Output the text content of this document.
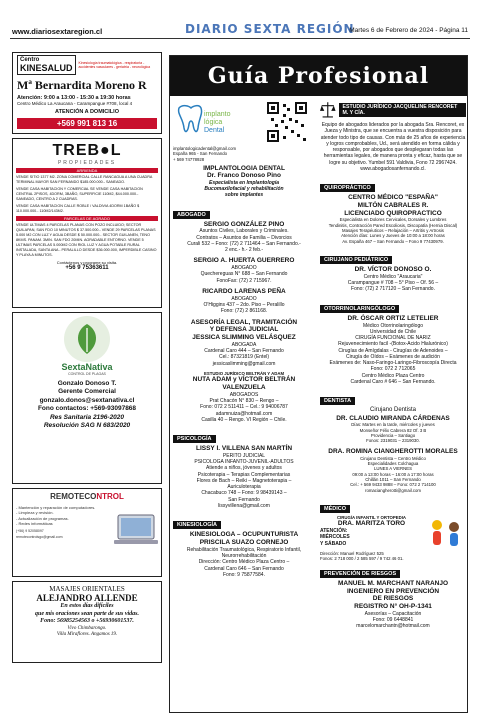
www.diariosextaregion.cl	DIARIO SEXTA REGIÓN
Martes 6 de Febrero de 2024 - Página 11
Centro
KINESALUD	Kinesiología traumatológica - respiratoria - accidentes vasculares - geriatría - neurológica
Mª Bernardita Moreno R
Atención: 9:00 a 13:00 - 15:30 a 19:30 horas
Centro Médico La Araucana - Carampangue #708, local 4
ATENCIÓN A DOMICILIO
+569 991 813 16
TREB●L
PROPIEDADES
ARRIENDA
VENDE SITIO 1377 M2. ZONA COMERCIAL CALLE RANCAGUA A UNA CUADRA TERMINAL MAYOR SAN FERNANDO $185.000.000.- SANEADO.
VENDE CASA HABITACION Y COMERCIAL SE VENDE CASA HABITACION CENTRAL 2PISOS, 4DORM, 3BAÑO, SUPERFICIE 110M2, $44.000.000.- SANEADO, CENTRO A 2 CUADRAS.
VENDE CASA HABITACION CALLE ROBLE / VALDIVIA 4DORM 1BAÑO $ 110.000.000.- 110M2/143M2.
PARCELAS DE AGRADO
VENDE ULTIMAS 4 PARCELAS PLANAS CON POZO INCLUIDO; SECTOR QUILAPAN, SAN FDO 10 MINUTOS $ 37.500.000.- VENDE 29 PARCELAS PLANAS 5.000 M2 CON LUZ Y AGUA DESDE $ 50.000.000.- SECTOR GUILANEN, TENO 8KMS. PANAM. 3MIN. SAN FDO 20MIN. AGRADABLE ENTORNO. VENDE 5 ULTIMAS PARCELAS 5.000M2 CON RIOL LUZ Y AGUA POTABLE RURAL INSTALADA, SANTA ANA - PERALILLO DESDE $36.000.000, IMPERDIBLE CASINO Y PLAYA A MINUTOS.
Contáctenos y programe su visita.
+56 9 75363611
SextaNativa
CONTROL DE PLAGAS
Gonzalo Donoso T.
Gerente Comercial
gonzalo.donos@sextanativa.cl
Fono contactos: +569-93097868
Res Sanitaria 2196-2020
Resolución SAG N 683/2020
REMOTECONTROL
- Mantención y reparación de computadores.
- Limpieza y revisión.
- Actualización de programas.
- Redes informáticas
(+56) 9 52058097
remotecontrolsgo@gmail.com
MASAJES ORIENTALES
ALEJANDRO ALLENDE
En estos días difíciles
que mis oraciones sean parte de sus vidas.
Fono: 56985254563 o +56930601537.
Vivo Chimbarongo.
Villa Miraflores. Angamos 19.
Guía Profesional
implanto
lógica
Dental
implantologicadental@gmail.com
España 965 - San Fernando
+ 569 74778928
IMPLANTOLOGIA DENTAL
Dr. Franco Donoso Pino
Especialista en Implantología
Bucomaxilofacial y rehabilitación
sobre implantes
ABOGADO
SERGIO GONZÁLEZ PINO
Asuntos Civiles, Laborales y Criminales.
Contratos – Asuntos de Familia – Divorcios
Curali 532 – Fono: (72) 2 711464 – San Fernando.-
2 enc.- h.- 2 feb.-
SERGIO A. HUERTA GUERRERO
ABOGADO
Quechereguas N° 688 – San Fernando
FonoFax: (72) 2 715967.
RICARDO LARENAS PEÑA
ABOGADO
O'Higgins 437 – 2do. Piso – Peralillo
Fono: (72) 2 861168.
ASESORÍA LEGAL, TRAMITACIÓN
Y DEFENSA JUDICIAL
JESSICA SLIMMING VELÁSQUEZ
ABOGADA
Cardenal Caro 444 – San Fernando
Cel.: 87321819 (Entel)
jessicaslimming@gmail.com
ESTUDIO JURÍDICO BELTRÁN Y ADAM
NUTA ADAM y VÍCTOR BELTRÁN
VALENZUELA
ABOGADOS
Prat Chacón N° 830 – Rengo –
Fono: 072 2 511411 – Cel.: 9 94006787
adamnuiza@hotmail.com
Casilla 40 – Rengo. VI Región – Chile.
PSICOLOGÍA
LISSY I. VILLENA SAN MARTÍN
PERITO JUDICIAL
PSICOLOGA INFANTO-JUVENIL-ADULTOS
Atiende a niños, jóvenes y adultos
Psicoterapia – Terapias Complementarias
Flores de Bach – Reiki – Magnetoterapia –
Auriculoterapia
Chacabuco 748 – Fono: 9 98439143 –
San Fernando
lissyvillena@gmail.com
KINESIOLOGÍA
KINESIOLOGA – OCUPUNTURISTA
PRISCILA SUAZO CORNEJO
Rehabilitación Traumatológica, Respiratorio Infantil,
Neurorrehabilitación
Dirección: Centro Médico Plaza Centro –
Cardenal Caro 646 – San Fernando
Fono: 9 75877584.
ESTUDIO JURÍDICO JACQUELINE RENCORET M. Y CÍA.
Equipo de abogados liderados por la abogada Sra. Rencoret, ex Jueza y Ministra, que se encuentra a vuestra disposición para atender todo tipo de causas. Con más de 25 años de experiencia y logros comprobables, Ud., será atendido en forma cálida y responsable, por abogados que desplegaran todas las herramientas legales, de manera pronta y eficaz, hasta que se logre su objetivo. Yumbel 591 Valdivia, Fono 72 2967424.
www.abogadosanfernando.cl.
QUIROPRÁCTICO
CENTRO MÉDICO "ESPAÑA"
MILTÓN CABRALES R.
LICENCIADO QUIROPRACTICO
Especialista en Dolores Cervicales, Dorsales y Lumbres
Tendinitis, Contracción Pared Escoliosis, Discopatía (Hernia Discal)
Masajes Terapéuticos – Relajación – Artritis y Artrosis
Atención días: Lunes y Jueves de 10:00 a 18:00 horas
Av. España 467 – San Fernando – Fono 9 77430979.
CIRUJANO PEDIÁTRICO
DR. VÍCTOR DONOSO O.
Centro Médico "Araucaria"
Carampangue # 708 – 5° Piso – Of. 56 –
Fono: (72) 2 717120 – San Fernando.
OTORRINOLARINGÓLOGO
DR. ÓSCAR ORTIZ LETELIER
Médico Otorrinolaringólogo
Universidad de Chile
CIRUGÍA FUNCIONAL DE NARIZ
Rejuvenecimiento facil -(Botox-Acido Hialurónico)
Cirugías de Amígdalas - Cirugías de Adenoides –
Cirugía de Oídos – Exámenes de audición
Exámenes de: Naso-Faringo-Laringo-Fibroscopía Directa
Fono: 072 2 712065
Centro Médico Plaza Centro
Cardenal Caro # 646 – San Fernando.
DENTISTA
Cirujano Dentista
DR. CLAUDIO MIRANDA CÁRDENAS
Días: Martes en la tarde, miércoles y jueves
Monseñor Félix Cabrera 82 Of. 3 B
Providencia – Santiago
Fonos: 2319031 – 2319030.
DRA. ROMINA CIANGHEROTTI MORALES
Cirujano Dentista – Centro Médico
Especialidades Colchagua
LUNES A VIERNES
09:00 a 13:00 horas – 16:00 a 17:00 horas
Chillán 1011 – San Fernando
Cel.: + 569 9433 9888 – Fono: 072 2 714100
romaciangherotti@gmail.com
MÉDICO
CIRUGÍA INFANTIL Y ORTOPEDIA
DRA. MARITZA TORO
ATENCIÓN:
MIÉRCOLES
Y SÁBADO
Dirección: Manuel Rodríguez 525
Fonos: 2 718 000 / 2 585 597 / 9 742 46 01.
PREVENCIÓN DE RIESGOS
MANUEL M. MARCHANT NARANJO
INGENIERO EN PREVENCIÓN
DE RIESGOS
REGISTRO N° OH-P-1341
Asesorías – Capacitación
Fono: 09 6448841
marcelomarchantn@hotmail.com
